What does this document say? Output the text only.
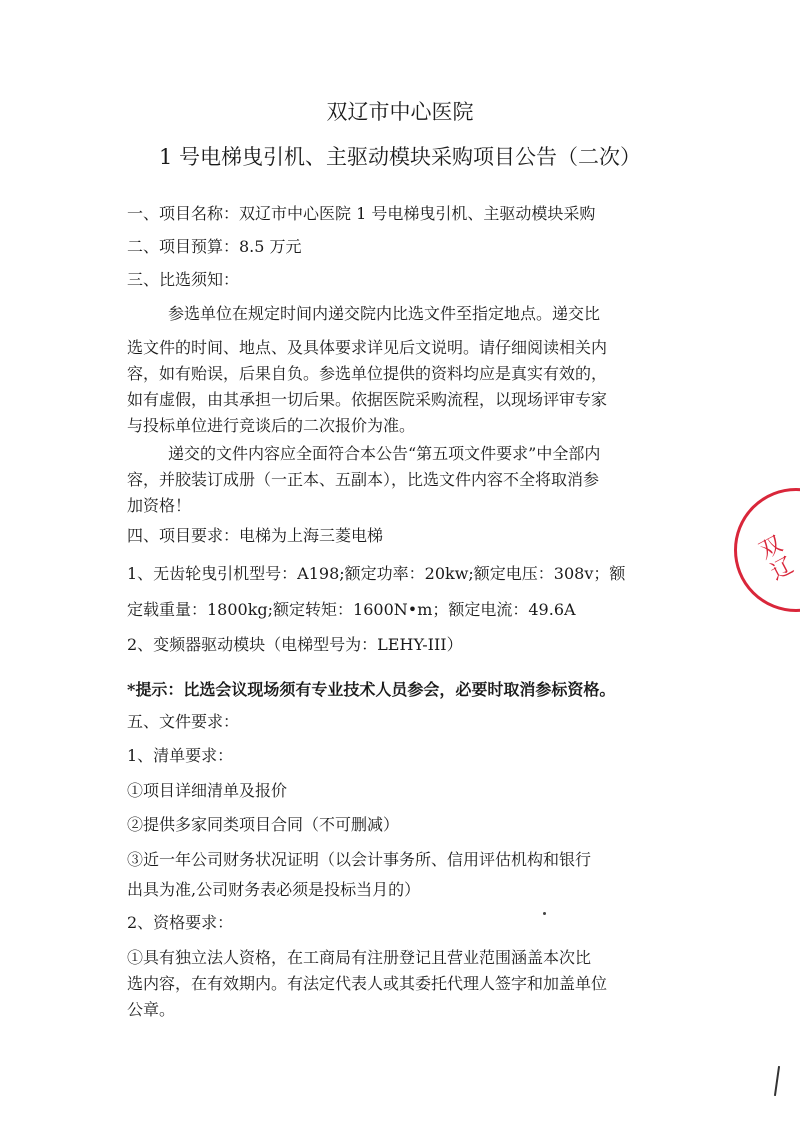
双辽市中心医院
1 号电梯曳引机、主驱动模块采购项目公告（二次）
一、项目名称：双辽市中心医院 1 号电梯曳引机、主驱动模块采购
二、项目预算：8.5 万元
三、比选须知：
参选单位在规定时间内递交院内比选文件至指定地点。递交比
选文件的时间、地点、及具体要求详见后文说明。请仔细阅读相关内
容，如有贻误，后果自负。参选单位提供的资料均应是真实有效的，
如有虚假，由其承担一切后果。依据医院采购流程，以现场评审专家
与投标单位进行竞谈后的二次报价为准。
递交的文件内容应全面符合本公告“第五项文件要求”中全部内
容，并胶装订成册（一正本、五副本），比选文件内容不全将取消参
加资格！
四、项目要求：电梯为上海三菱电梯
1、无齿轮曳引机型号：A198;额定功率：20kw;额定电压：308v；额
定载重量：1800kg;额定转矩：1600N•m；额定电流：49.6A
2、变频器驱动模块（电梯型号为：LEHY-III）
*提示：比选会议现场须有专业技术人员参会，必要时取消参标资格。
五、文件要求：
1、清单要求：
①项目详细清单及报价
②提供多家同类项目合同（不可删减）
③近一年公司财务状况证明（以会计事务所、信用评估机构和银行
出具为准,公司财务表必须是投标当月的）
2、资格要求：
①具有独立法人资格，在工商局有注册登记且营业范围涵盖本次比
选内容，在有效期内。有法定代表人或其委托代理人签字和加盖单位
公章。
双辽
